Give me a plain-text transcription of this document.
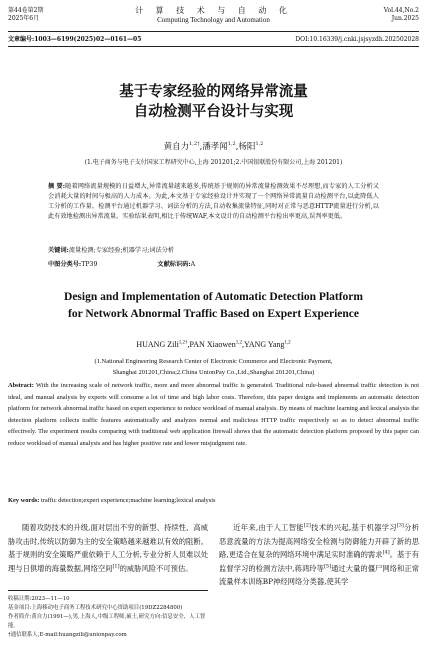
第44卷第2期
2025年6月
计 算 技 术 与 自 动 化
Computing Technology and Automation
Vol.44,No.2
Jun.2025
文章编号:1003—6199(2025)02—0161—05	DOI:10.16339/j.cnki.jsjsyzdh.202502028
基于专家经验的网络异常流量
自动检测平台设计与实现
黄自力$^{1,2\dagger}$,潘孝闻$^{1,2}$,杨阳$^{1,2}$
(1.电子商务与电子支付国家工程研究中心,上海 201201;2.中国银联股份有限公司,上海 201201)
摘 要:随着网络流量规模的日益增大,异常流量越来越多,传统基于规则的异常流量检测效果不尽理想,而专家的人工分析又会消耗大量的时间与极高的人力成本。为此,本文基于专家经验设计并实现了一个网络异常流量自动检测平台,以此降低人工分析的工作量。检测平台通过机器学习、词法分析的方法,自动收集流量特征,同时对正常与恶意HTTP流量进行分析,以此有效地检测出异常流量。实验结果表明,相比于传统WAF,本文设计的自动检测平台检出率更高,误判率更低。
关键词:流量检测;专家经验;机器学习;词法分析
中图分类号:TP39	文献标识码:A
Design and Implementation of Automatic Detection Platform
for Network Abnormal Traffic Based on Expert Experience
HUANG Zili$^{1,2\dagger}$,PAN Xiaowen$^{1,2}$,YANG Yang$^{1,2}$
(1.National Engineering Research Center of Electronic Commerce and Electronic Payment,
Shanghai 201201,China;2.China UnionPay Co.,Ltd.,Shanghai 201201,China)
Abstract: With the increasing scale of network traffic, more and more abnormal traffic is generated. Traditional rule-based abnormal traffic detection is not ideal, and manual analysis by experts will consume a lot of time and high labor costs. Therefore, this paper designs and implements an automatic detection platform for network abnormal traffic based on expert experience to reduce workload of manual analysis. By means of machine learning and lexical analysis the detection platform collects traffic features automatically and analyzes normal and malicious HTTP traffic respectively so as to detect abnormal traffic effectively. The experiment results comparing with traditional web application firewall shows that the automatic detection platform proposed by this paper can reduce workload of manual analysis and has higher positive rate and lower misjudgment rate.
Key words: traffic detection;expert experience;machine learning;lexical analysis
随着攻防技术的升级,面对层出不穷的新型、持续性、高威胁攻击时,传统以防御为主的安全策略越来越难以有效的阻断。基于规则的安全策略严重依赖于人工分析,专业分析人员难以处理与日俱增的海量数据,网络空间[1]的威胁风险不可预估。
收稿日期:2023—11—10
基金项目:上海移动电子商务工程技术研究中心资助项目(19DZ2284800)
作者简介:黄自力(1991—),男,上海人,中级工程师,硕士,研究方向:信息安全、人工智能。
†通信联系人,E-mail:huangzili@unionpay.com
近年来,由于人工智能[2]技术的兴起,基于机器学习[3]分析恶意流量的方法为提高网络安全检测与防御能力开辟了新的思路,更适合在复杂的网络环境中满足实时准确的需求[4]。基于有监督学习的检测方法中,蒋鸿玲等[5]通过大量的僵尸网络和正常流量样本训练BP神经网络分类器,使其学
